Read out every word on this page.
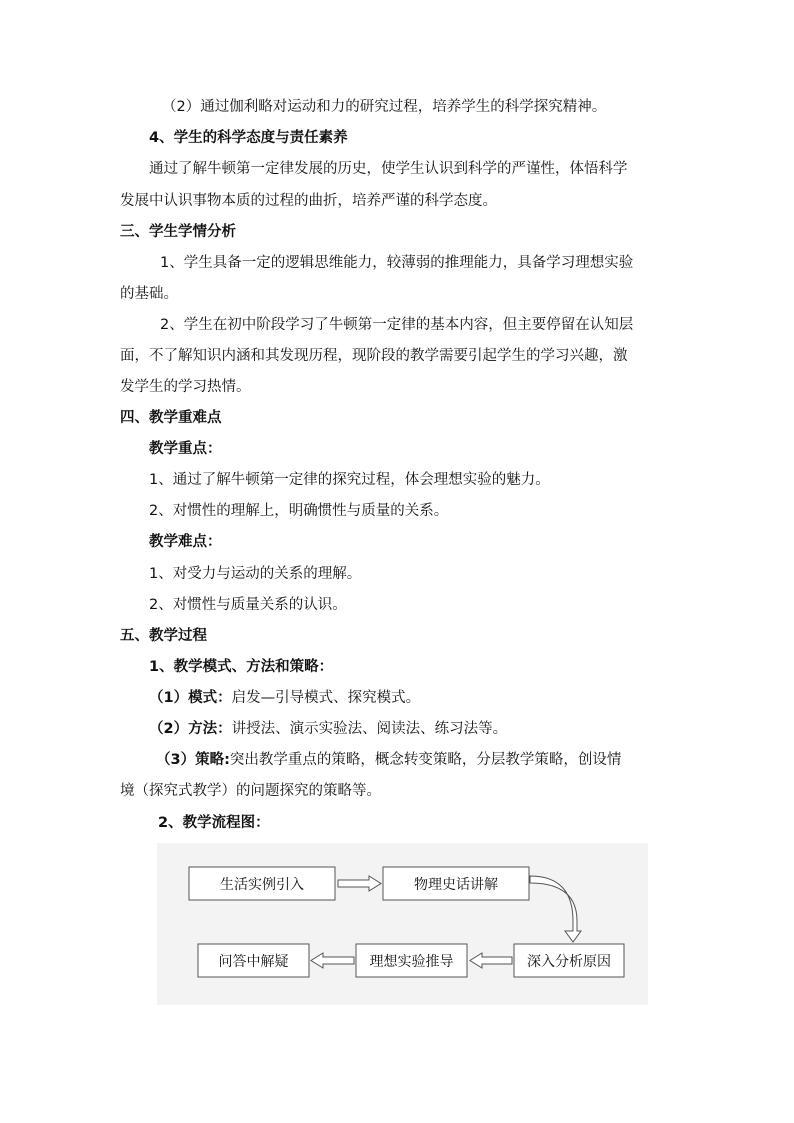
（2）通过伽利略对运动和力的研究过程，培养学生的科学探究精神。
4、学生的科学态度与责任素养
通过了解牛顿第一定律发展的历史，使学生认识到科学的严谨性，体悟科学
发展中认识事物本质的过程的曲折，培养严谨的科学态度。
三、学生学情分析
1、学生具备一定的逻辑思维能力，较薄弱的推理能力，具备学习理想实验
的基础。
2、学生在初中阶段学习了牛顿第一定律的基本内容，但主要停留在认知层
面，不了解知识内涵和其发现历程，现阶段的教学需要引起学生的学习兴趣，激
发学生的学习热情。
四、教学重难点
教学重点：
1、通过了解牛顿第一定律的探究过程，体会理想实验的魅力。
2、对惯性的理解上，明确惯性与质量的关系。
教学难点：
1、对受力与运动的关系的理解。
2、对惯性与质量关系的认识。
五、教学过程
1、教学模式、方法和策略：
（1）模式：启发—引导模式、探究模式。
（2）方法：讲授法、演示实验法、阅读法、练习法等。
（3）策略:突出教学重点的策略，概念转变策略，分层教学策略，创设情
境（探究式教学）的问题探究的策略等。
2、教学流程图：
生活实例引入	物理史话讲解
深入分析原因
理想实验推导
问答中解疑
